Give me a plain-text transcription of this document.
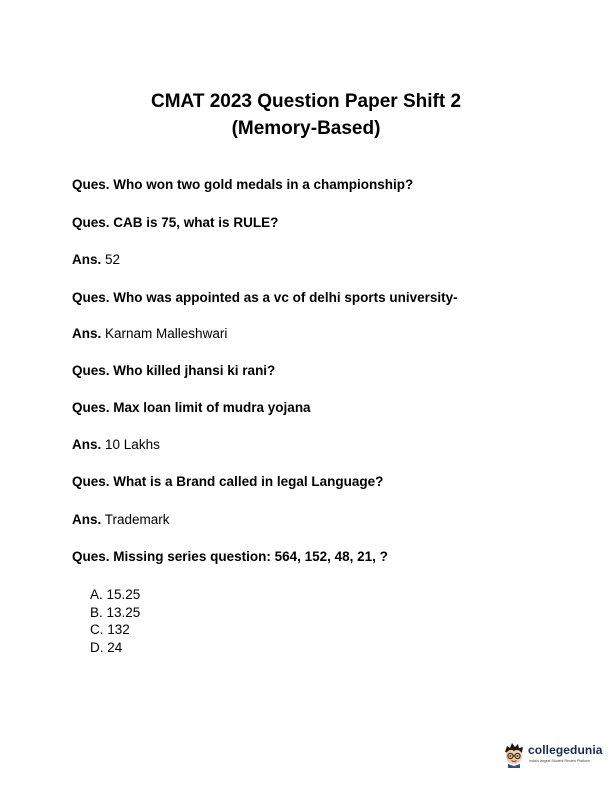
CMAT 2023 Question Paper Shift 2
(Memory-Based)

Ques. Who won two gold medals in a championship?

Ques. CAB is 75, what is RULE?

Ans. 52

Ques. Who was appointed as a vc of delhi sports university-

Ans. Karnam Malleshwari

Ques. Who killed jhansi ki rani?

Ques. Max loan limit of mudra yojana

Ans. 10 Lakhs

Ques. What is a Brand called in legal Language?

Ans. Trademark

Ques. Missing series question: 564, 152, 48, 21, ?

A. 15.25
B. 13.25
C. 132
D. 24
collegedunia
India's largest Student Review Platform
